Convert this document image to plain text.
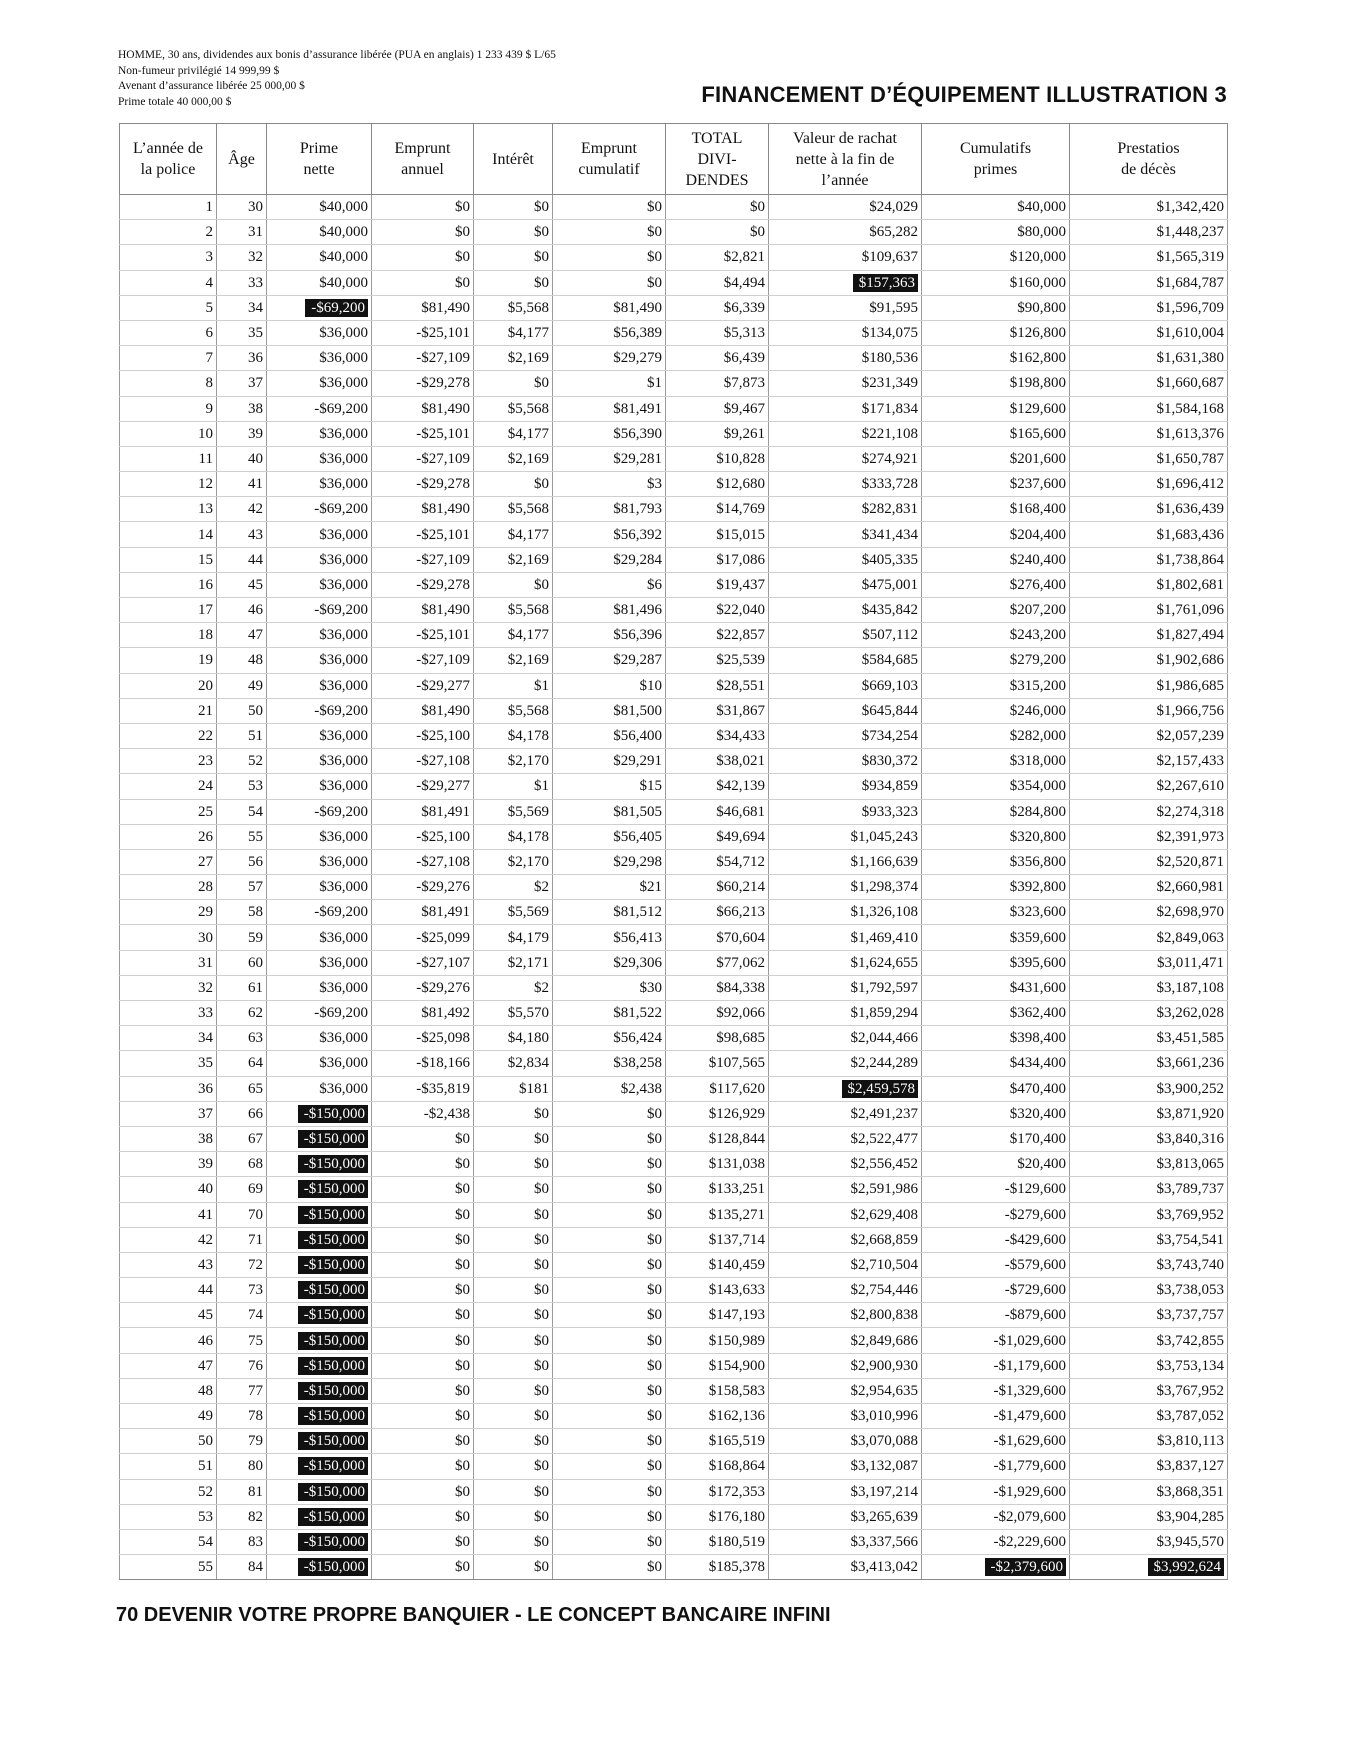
HOMME, 30 ans, dividendes aux bonis d’assurance libérée (PUA en anglais) 1 233 439 $ L/65
Non-fumeur privilégié 14 999,99 $
Avenant d’assurance libérée 25 000,00 $
Prime totale 40 000,00 $	FINANCEMENT D’ÉQUIPEMENT ILLUSTRATION 3
L’année de
la police	Âge	Prime
nette	Emprunt
annuel	Intérêt	Emprunt
cumulatif	TOTAL
DIVI-
DENDES	Valeur de rachat
nette à la fin de
l’année	Cumulatifs
primes	Prestatios
de décès
1	30	$40,000	$0	$0	$0	$0	$24,029	$40,000	$1,342,420
2	31	$40,000	$0	$0	$0	$0	$65,282	$80,000	$1,448,237
3	32	$40,000	$0	$0	$0	$2,821	$109,637	$120,000	$1,565,319
4	33	$40,000	$0	$0	$0	$4,494	$157,363	$160,000	$1,684,787
5	34	-$69,200	$81,490	$5,568	$81,490	$6,339	$91,595	$90,800	$1,596,709
6	35	$36,000	-$25,101	$4,177	$56,389	$5,313	$134,075	$126,800	$1,610,004
7	36	$36,000	-$27,109	$2,169	$29,279	$6,439	$180,536	$162,800	$1,631,380
8	37	$36,000	-$29,278	$0	$1	$7,873	$231,349	$198,800	$1,660,687
9	38	-$69,200	$81,490	$5,568	$81,491	$9,467	$171,834	$129,600	$1,584,168
10	39	$36,000	-$25,101	$4,177	$56,390	$9,261	$221,108	$165,600	$1,613,376
11	40	$36,000	-$27,109	$2,169	$29,281	$10,828	$274,921	$201,600	$1,650,787
12	41	$36,000	-$29,278	$0	$3	$12,680	$333,728	$237,600	$1,696,412
13	42	-$69,200	$81,490	$5,568	$81,793	$14,769	$282,831	$168,400	$1,636,439
14	43	$36,000	-$25,101	$4,177	$56,392	$15,015	$341,434	$204,400	$1,683,436
15	44	$36,000	-$27,109	$2,169	$29,284	$17,086	$405,335	$240,400	$1,738,864
16	45	$36,000	-$29,278	$0	$6	$19,437	$475,001	$276,400	$1,802,681
17	46	-$69,200	$81,490	$5,568	$81,496	$22,040	$435,842	$207,200	$1,761,096
18	47	$36,000	-$25,101	$4,177	$56,396	$22,857	$507,112	$243,200	$1,827,494
19	48	$36,000	-$27,109	$2,169	$29,287	$25,539	$584,685	$279,200	$1,902,686
20	49	$36,000	-$29,277	$1	$10	$28,551	$669,103	$315,200	$1,986,685
21	50	-$69,200	$81,490	$5,568	$81,500	$31,867	$645,844	$246,000	$1,966,756
22	51	$36,000	-$25,100	$4,178	$56,400	$34,433	$734,254	$282,000	$2,057,239
23	52	$36,000	-$27,108	$2,170	$29,291	$38,021	$830,372	$318,000	$2,157,433
24	53	$36,000	-$29,277	$1	$15	$42,139	$934,859	$354,000	$2,267,610
25	54	-$69,200	$81,491	$5,569	$81,505	$46,681	$933,323	$284,800	$2,274,318
26	55	$36,000	-$25,100	$4,178	$56,405	$49,694	$1,045,243	$320,800	$2,391,973
27	56	$36,000	-$27,108	$2,170	$29,298	$54,712	$1,166,639	$356,800	$2,520,871
28	57	$36,000	-$29,276	$2	$21	$60,214	$1,298,374	$392,800	$2,660,981
29	58	-$69,200	$81,491	$5,569	$81,512	$66,213	$1,326,108	$323,600	$2,698,970
30	59	$36,000	-$25,099	$4,179	$56,413	$70,604	$1,469,410	$359,600	$2,849,063
31	60	$36,000	-$27,107	$2,171	$29,306	$77,062	$1,624,655	$395,600	$3,011,471
32	61	$36,000	-$29,276	$2	$30	$84,338	$1,792,597	$431,600	$3,187,108
33	62	-$69,200	$81,492	$5,570	$81,522	$92,066	$1,859,294	$362,400	$3,262,028
34	63	$36,000	-$25,098	$4,180	$56,424	$98,685	$2,044,466	$398,400	$3,451,585
35	64	$36,000	-$18,166	$2,834	$38,258	$107,565	$2,244,289	$434,400	$3,661,236
36	65	$36,000	-$35,819	$181	$2,438	$117,620	$2,459,578	$470,400	$3,900,252
37	66	-$150,000	-$2,438	$0	$0	$126,929	$2,491,237	$320,400	$3,871,920
38	67	-$150,000	$0	$0	$0	$128,844	$2,522,477	$170,400	$3,840,316
39	68	-$150,000	$0	$0	$0	$131,038	$2,556,452	$20,400	$3,813,065
40	69	-$150,000	$0	$0	$0	$133,251	$2,591,986	-$129,600	$3,789,737
41	70	-$150,000	$0	$0	$0	$135,271	$2,629,408	-$279,600	$3,769,952
42	71	-$150,000	$0	$0	$0	$137,714	$2,668,859	-$429,600	$3,754,541
43	72	-$150,000	$0	$0	$0	$140,459	$2,710,504	-$579,600	$3,743,740
44	73	-$150,000	$0	$0	$0	$143,633	$2,754,446	-$729,600	$3,738,053
45	74	-$150,000	$0	$0	$0	$147,193	$2,800,838	-$879,600	$3,737,757
46	75	-$150,000	$0	$0	$0	$150,989	$2,849,686	-$1,029,600	$3,742,855
47	76	-$150,000	$0	$0	$0	$154,900	$2,900,930	-$1,179,600	$3,753,134
48	77	-$150,000	$0	$0	$0	$158,583	$2,954,635	-$1,329,600	$3,767,952
49	78	-$150,000	$0	$0	$0	$162,136	$3,010,996	-$1,479,600	$3,787,052
50	79	-$150,000	$0	$0	$0	$165,519	$3,070,088	-$1,629,600	$3,810,113
51	80	-$150,000	$0	$0	$0	$168,864	$3,132,087	-$1,779,600	$3,837,127
52	81	-$150,000	$0	$0	$0	$172,353	$3,197,214	-$1,929,600	$3,868,351
53	82	-$150,000	$0	$0	$0	$176,180	$3,265,639	-$2,079,600	$3,904,285
54	83	-$150,000	$0	$0	$0	$180,519	$3,337,566	-$2,229,600	$3,945,570
55	84	-$150,000	$0	$0	$0	$185,378	$3,413,042	-$2,379,600	$3,992,624
70 DEVENIR VOTRE PROPRE BANQUIER - LE CONCEPT BANCAIRE INFINI
